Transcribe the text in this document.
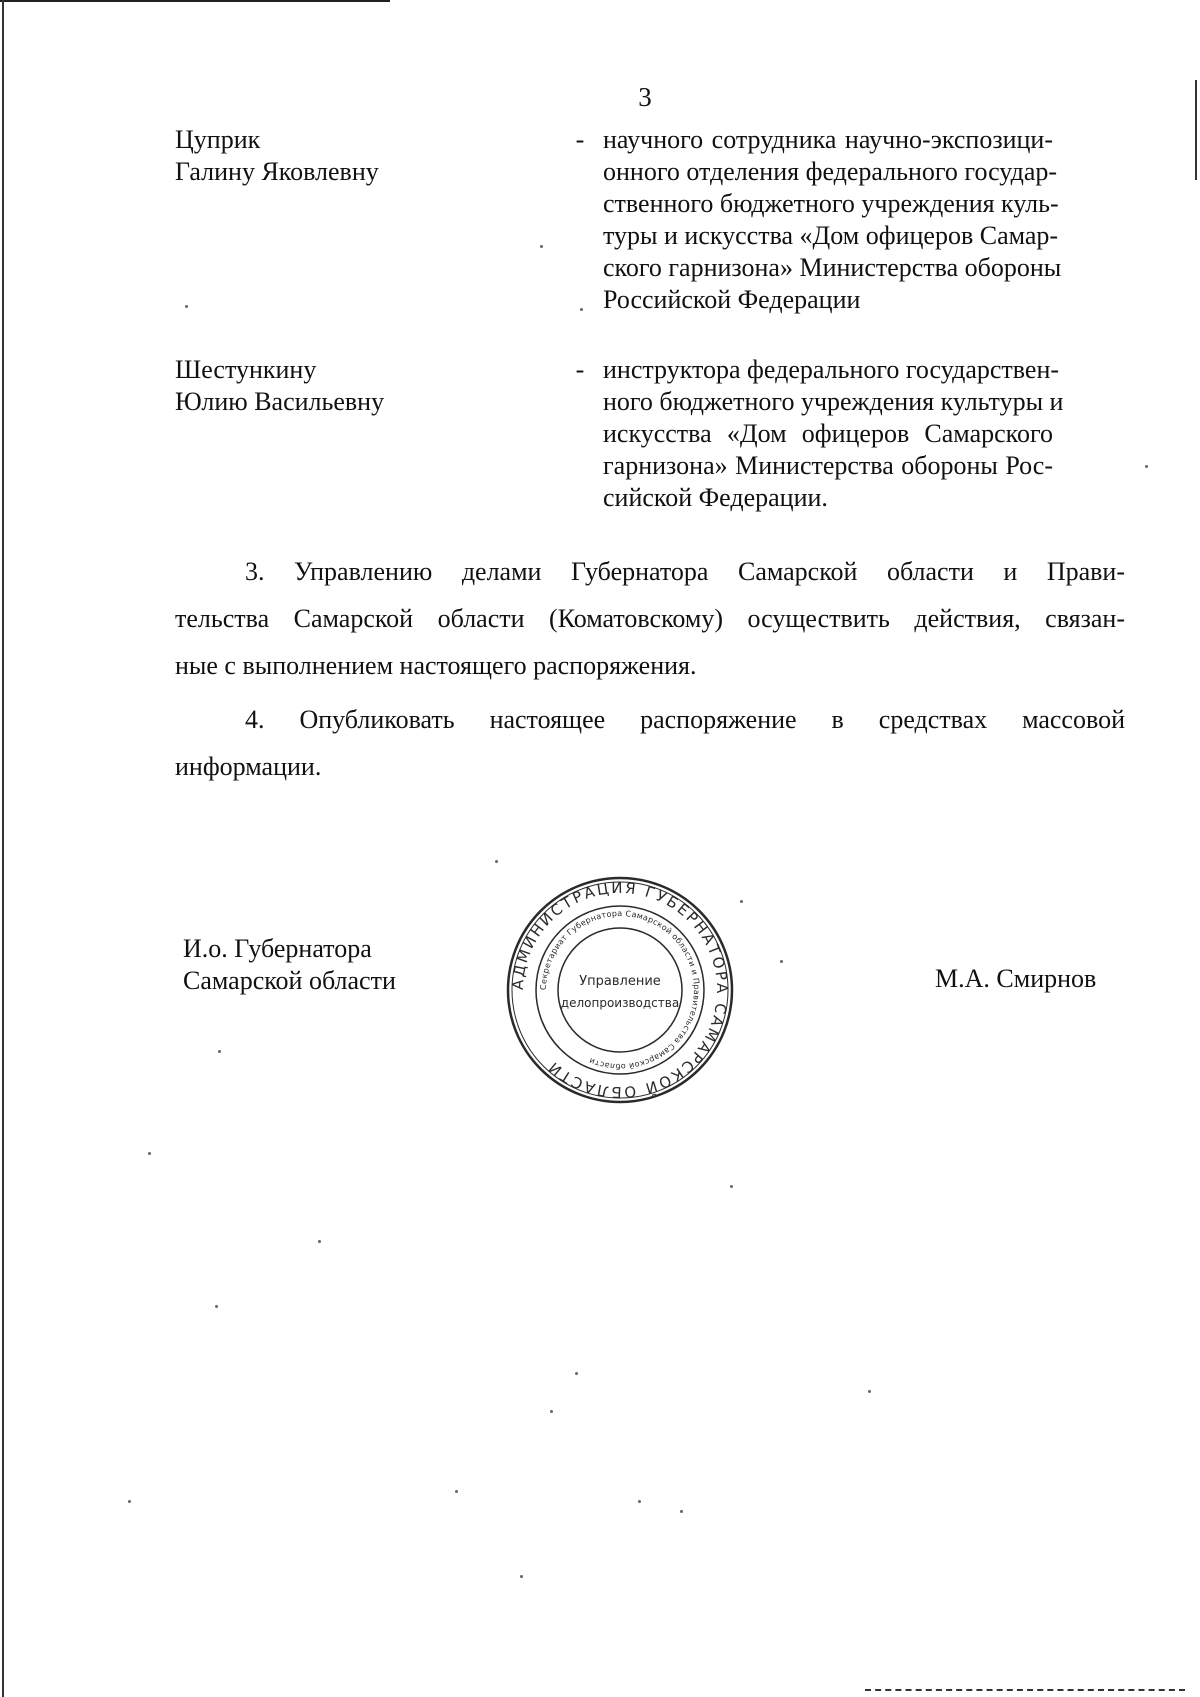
3
Цуприк
Галину Яковлевну
- научного сотрудника научно-экспозици-
онного отделения федерального государ-
ственного бюджетного учреждения куль-
туры и искусства «Дом офицеров Самар-
ского гарнизона» Министерства обороны
Российской Федерации
Шестункину
Юлию Васильевну
- инструктора федерального государствен-
ного бюджетного учреждения культуры и
искусства «Дом офицеров Самарского
гарнизона» Министерства обороны Рос-
сийской Федерации.
3. Управлению делами Губернатора Самарской области и Прави-
тельства Самарской области (Коматовскому) осуществить действия, связан-
ные с выполнением настоящего распоряжения.
4. Опубликовать настоящее распоряжение в средствах массовой
информации.
И.о. Губернатора
Самарской области	М.А. Смирнов
АДМИНИСТРАЦИЯ ГУБЕРНАТОРА САМАРСКОЙ ОБЛАСТИ
Секретариат Губернатора Самарской области и Правительства Самарской области
Управление
делопроизводства
